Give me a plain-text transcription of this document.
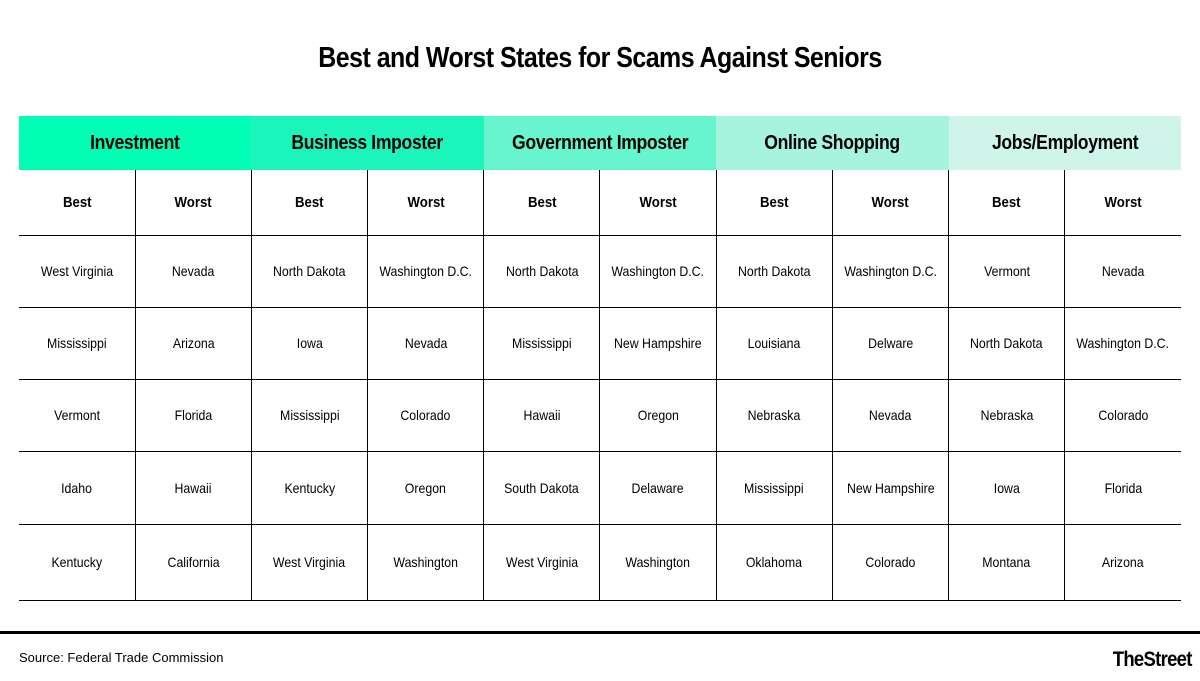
Best and Worst States for Scams Against Seniors
Investment		Business Imposter		Government Imposter		Online Shopping		Jobs/Employment	
Best	Worst	Best	Worst	Best	Worst	Best	Worst	Best	Worst
West Virginia	Nevada	North Dakota	Washington D.C.	North Dakota	Washington D.C.	North Dakota	Washington D.C.	Vermont	Nevada
Mississippi	Arizona	Iowa	Nevada	Mississippi	New Hampshire	Louisiana	Delware	North Dakota	Washington D.C.
Vermont	Florida	Mississippi	Colorado	Hawaii	Oregon	Nebraska	Nevada	Nebraska	Colorado
Idaho	Hawaii	Kentucky	Oregon	South Dakota	Delaware	Mississippi	New Hampshire	Iowa	Florida
Kentucky	California	West Virginia	Washington	West Virginia	Washington	Oklahoma	Colorado	Montana	Arizona
Source: Federal Trade Commission	TheStreet
